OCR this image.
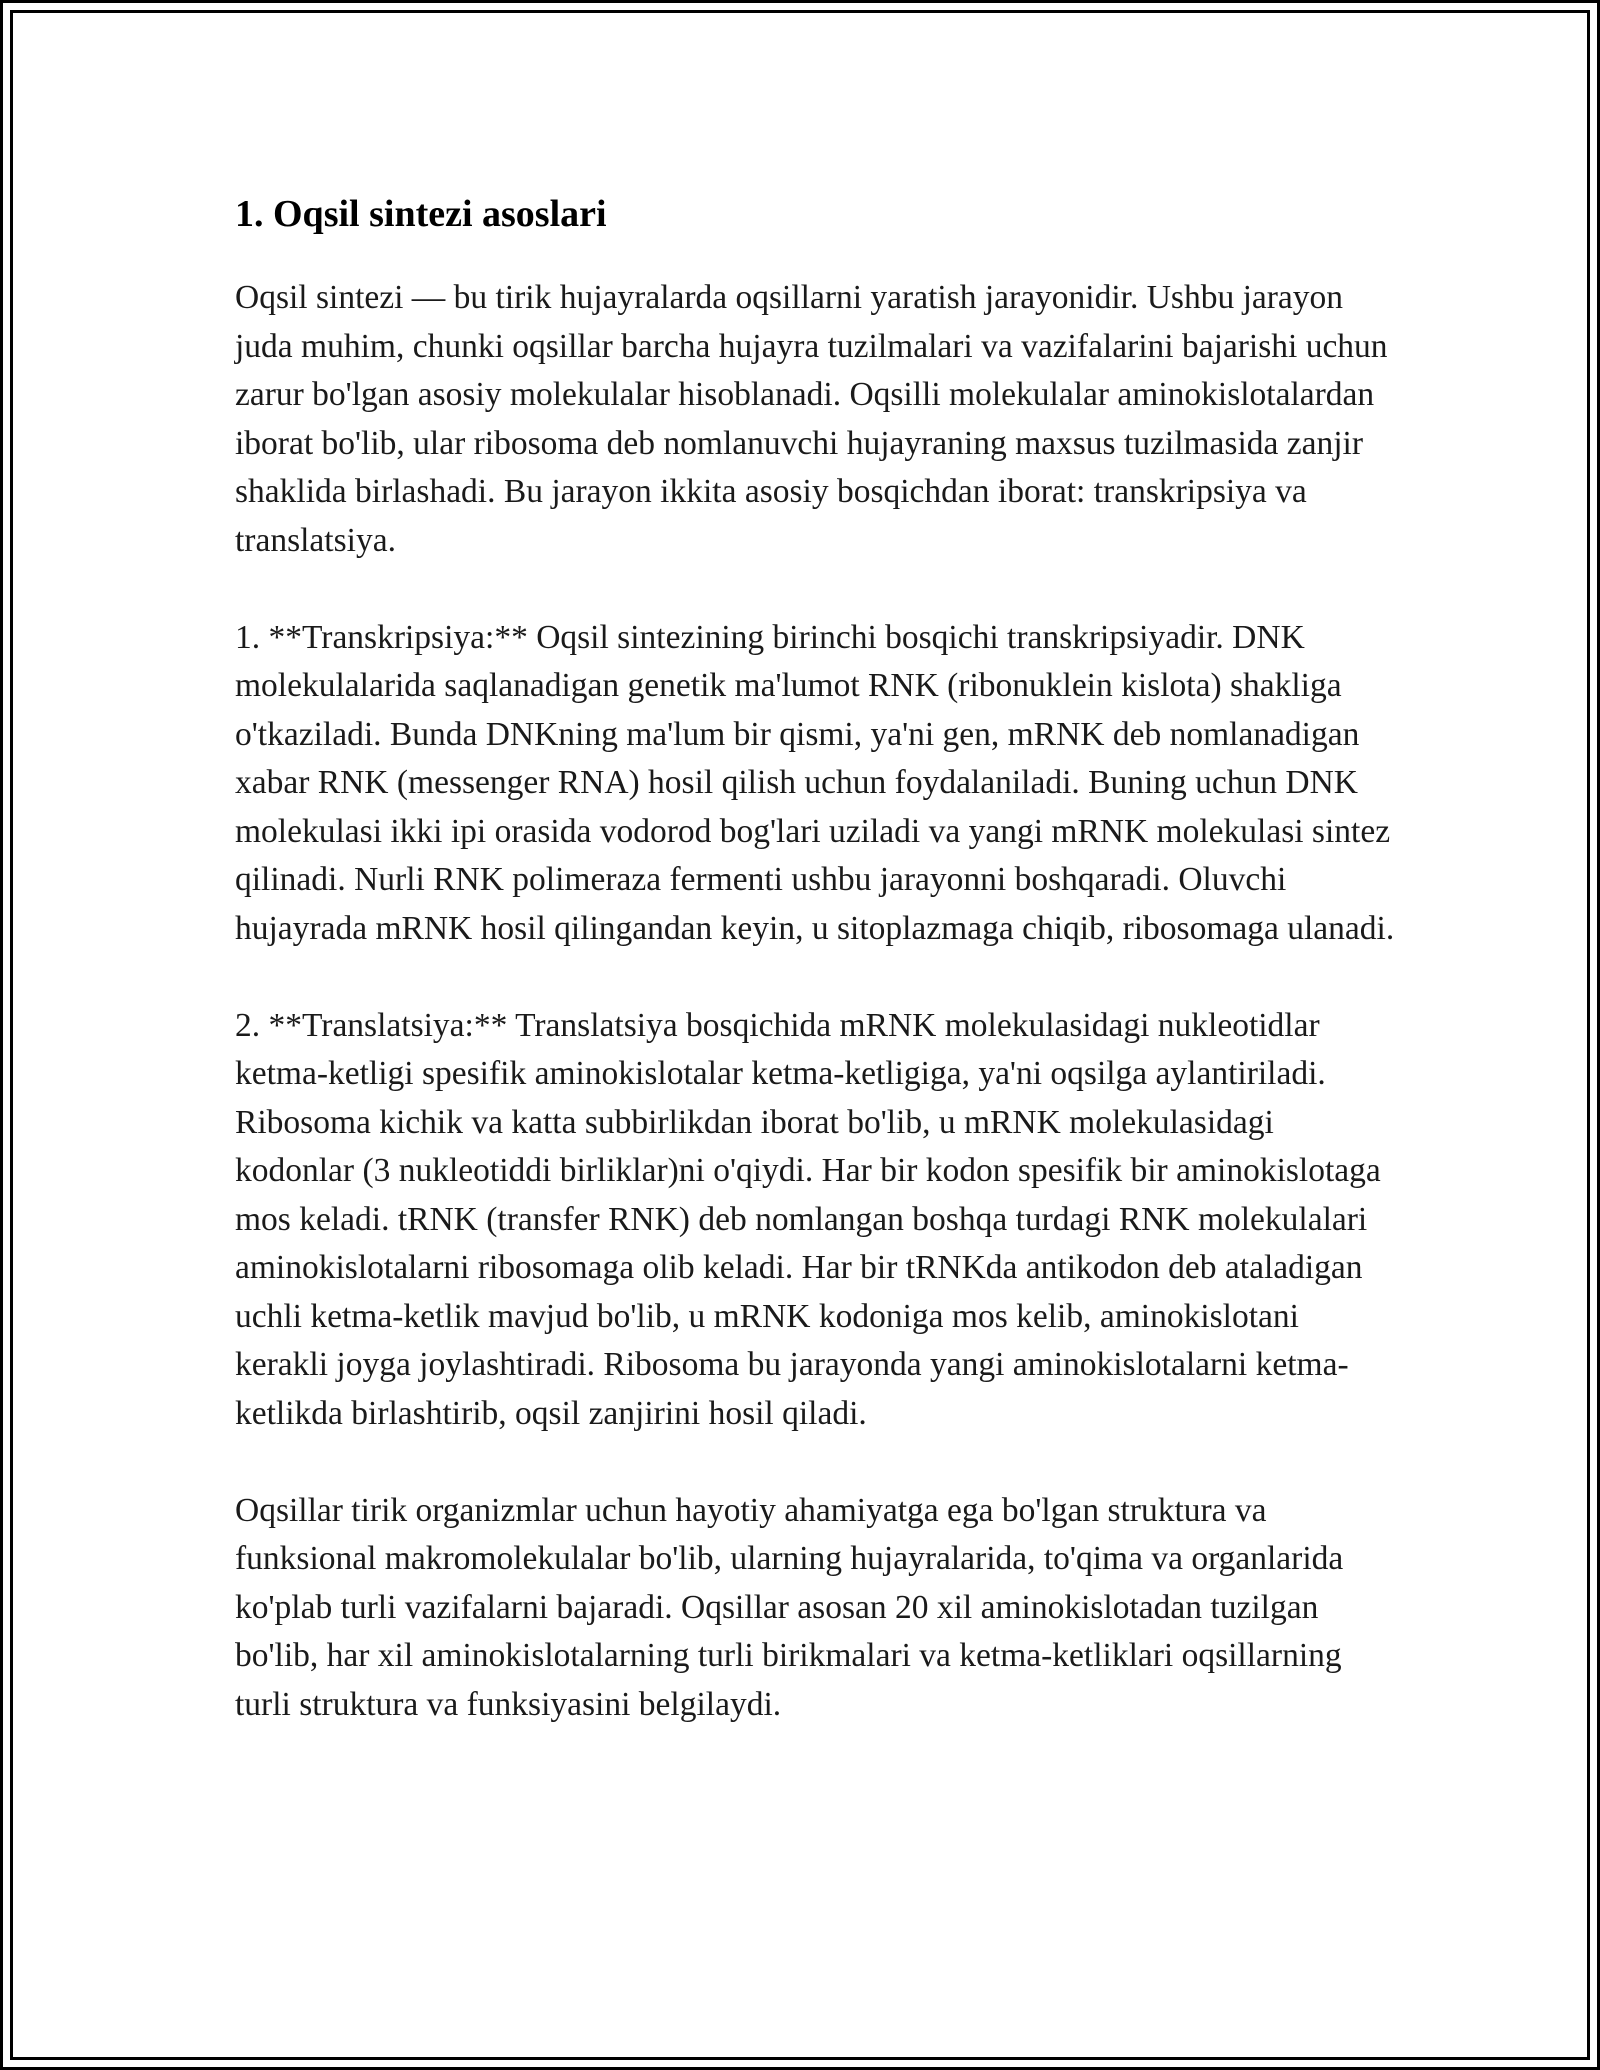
1. Oqsil sintezi asoslari

Oqsil sintezi — bu tirik hujayralarda oqsillarni yaratish jarayonidir. Ushbu jarayon juda muhim, chunki oqsillar barcha hujayra tuzilmalari va vazifalarini bajarishi uchun zarur bo'lgan asosiy molekulalar hisoblanadi. Oqsilli molekulalar aminokislotalardan iborat bo'lib, ular ribosoma deb nomlanuvchi hujayraning maxsus tuzilmasida zanjir shaklida birlashadi. Bu jarayon ikkita asosiy bosqichdan iborat: transkripsiya va translatsiya.

1. **Transkripsiya:** Oqsil sintezining birinchi bosqichi transkripsiyadir. DNK molekulalarida saqlanadigan genetik ma'lumot RNK (ribonuklein kislota) shakliga o'tkaziladi. Bunda DNKning ma'lum bir qismi, ya'ni gen, mRNK deb nomlanadigan xabar RNK (messenger RNA) hosil qilish uchun foydalaniladi. Buning uchun DNK molekulasi ikki ipi orasida vodorod bog'lari uziladi va yangi mRNK molekulasi sintez qilinadi. Nurli RNK polimeraza fermenti ushbu jarayonni boshqaradi. Oluvchi hujayrada mRNK hosil qilingandan keyin, u sitoplazmaga chiqib, ribosomaga ulanadi.

2. **Translatsiya:** Translatsiya bosqichida mRNK molekulasidagi nukleotidlar ketma-ketligi spesifik aminokislotalar ketma-ketligiga, ya'ni oqsilga aylantiriladi. Ribosoma kichik va katta subbirlikdan iborat bo'lib, u mRNK molekulasidagi kodonlar (3 nukleotiddi birliklar)ni o'qiydi. Har bir kodon spesifik bir aminokislotaga mos keladi. tRNK (transfer RNK) deb nomlangan boshqa turdagi RNK molekulalari aminokislotalarni ribosomaga olib keladi. Har bir tRNKda antikodon deb ataladigan uchli ketma-ketlik mavjud bo'lib, u mRNK kodoniga mos kelib, aminokislotani kerakli joyga joylashtiradi. Ribosoma bu jarayonda yangi aminokislotalarni ketma-ketlikda birlashtirib, oqsil zanjirini hosil qiladi.

Oqsillar tirik organizmlar uchun hayotiy ahamiyatga ega bo'lgan struktura va funksional makromolekulalar bo'lib, ularning hujayralarida, to'qima va organlarida ko'plab turli vazifalarni bajaradi. Oqsillar asosan 20 xil aminokislotadan tuzilgan bo'lib, har xil aminokislotalarning turli birikmalari va ketma-ketliklari oqsillarning turli struktura va funksiyasini belgilaydi.
